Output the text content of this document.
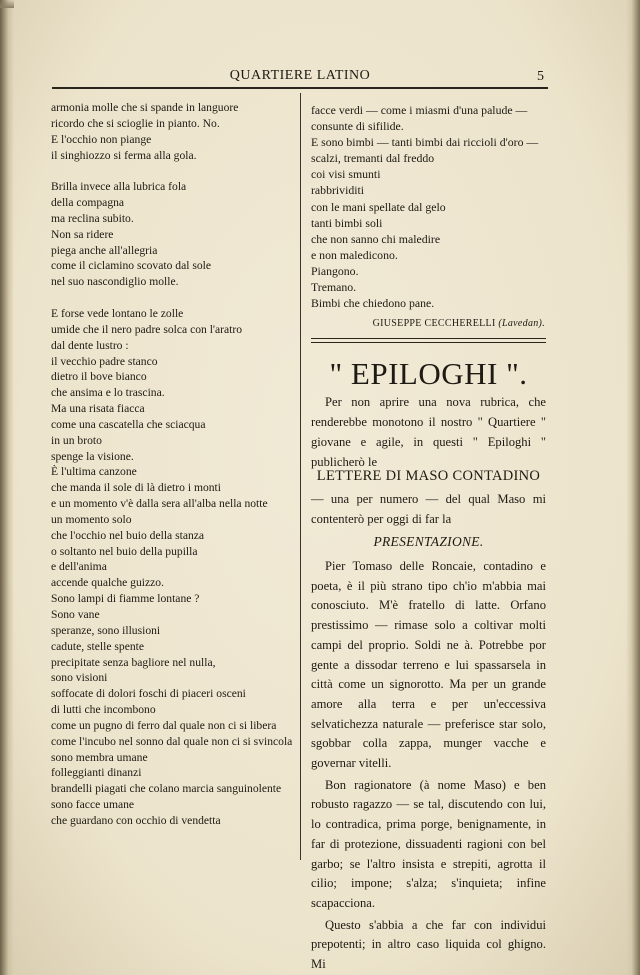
QUARTIERE LATINO	5
armonia molle che si spande in languore
ricordo che si scioglie in pianto. No.
E l'occhio non piange
il singhiozzo si ferma alla gola.
Brilla invece alla lubrica fola
della compagna
ma reclina subito.
Non sa ridere
piega anche all'allegria
come il ciclamino scovato dal sole
nel suo nascondiglio molle.
E forse vede lontano le zolle
umide che il nero padre solca con l'aratro
dal dente lustro :
il vecchio padre stanco
dietro il bove bianco
che ansima e lo trascina.
Ma una risata fiacca
come una cascatella che sciacqua
in un broto
spenge la visione.
È l'ultima canzone
che manda il sole di là dietro i monti
e un momento v'è dalla sera all'alba nella notte
un momento solo
che l'occhio nel buio della stanza
o soltanto nel buio della pupilla
e dell'anima
accende qualche guizzo.
Sono lampi di fiamme lontane ?
Sono vane
speranze, sono illusioni
cadute, stelle spente
precipitate senza bagliore nel nulla,
sono visioni
soffocate di dolori foschi di piaceri osceni
di lutti che incombono
come un pugno di ferro dal quale non ci si libera
come l'incubo nel sonno dal quale non ci si svincola
sono membra umane
folleggianti dinanzi
brandelli piagati che colano marcia sanguinolente
sono facce umane
che guardano con occhio di vendetta
facce verdi — come i miasmi d'una palude —
consunte di sifilide.
E sono bimbi — tanti bimbi dai riccioli d'oro —
scalzi, tremanti dal freddo
coi visi smunti
rabbrividiti
con le mani spellate dal gelo
tanti bimbi soli
che non sanno chi maledire
e non maledicono.
Piangono.
Tremano.
Bimbi che chiedono pane.
GIUSEPPE CECCHERELLI (Lavedan).
" EPILOGHI ".

Per non aprire una nova rubrica, che renderebbe monotono il nostro " Quartiere " giovane e agile, in questi " Epiloghi " publicherò le

LETTERE DI MASO CONTADINO

— una per numero — del qual Maso mi contenterò per oggi di far la

PRESENTAZIONE.

Pier Tomaso delle Roncaie, contadino e poeta, è il più strano tipo ch'io m'abbia mai conosciuto. M'è fratello di latte. Orfano prestissimo — rimase solo a coltivar molti campi del proprio. Soldi ne à. Potrebbe por gente a dissodar terreno e lui spassarsela in città come un signorotto. Ma per un grande amore alla terra e per un'eccessiva selvatichezza naturale — preferisce star solo, sgobbar colla zappa, munger vacche e governar vitelli.

Bon ragionatore (à nome Maso) e ben robusto ragazzo — se tal, discutendo con lui, lo contradica, prima porge, benignamente, in far di protezione, dissuadenti ragioni con bel garbo; se l'altro insista e strepiti, agrotta il cilio; impone; s'alza; s'inquieta; infine scapacciona.

Questo s'abbia a che far con individui prepotenti; in altro caso liquida col ghigno. Mi
